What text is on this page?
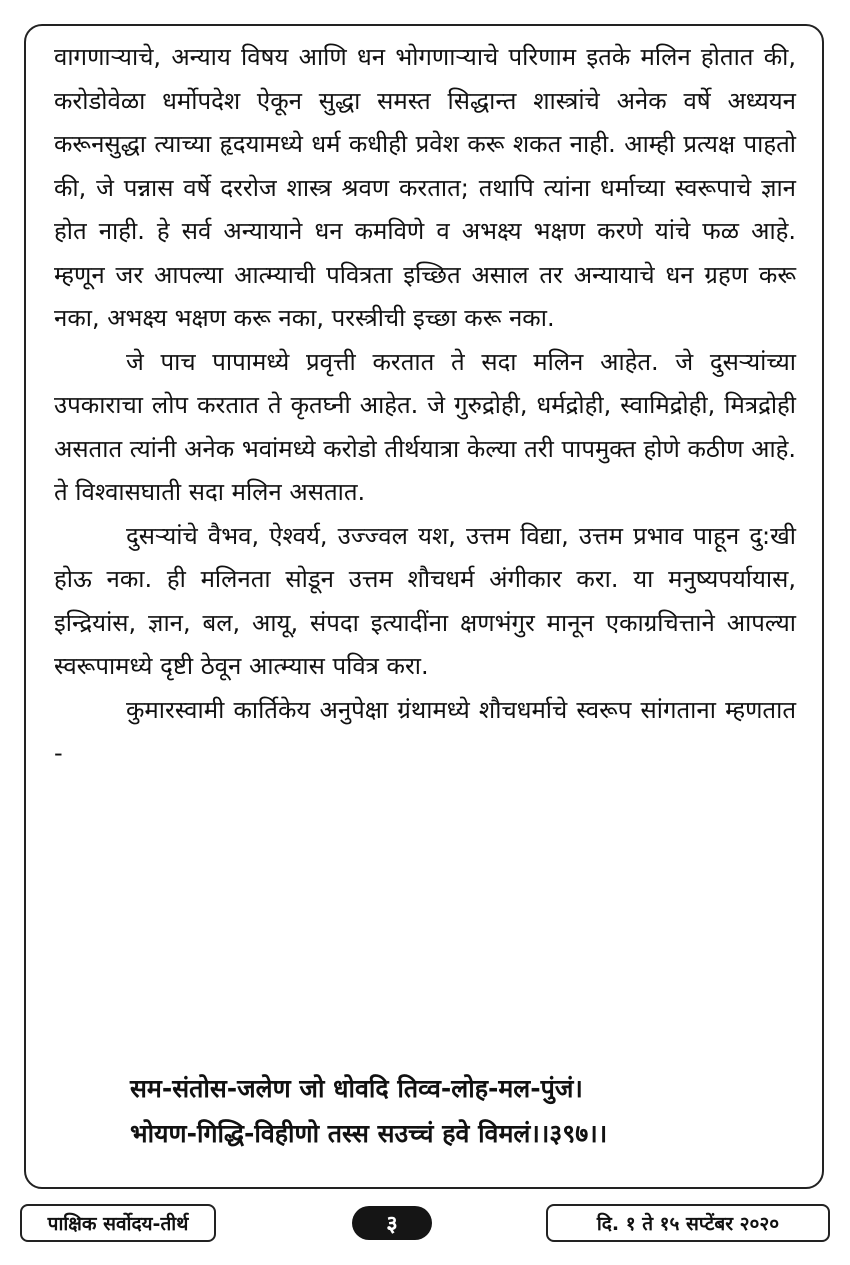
वागणाऱ्याचे, अन्याय विषय आणि धन भोगणाऱ्याचे परिणाम इतके मलिन होतात की, करोडोवेळा धर्मोपदेश ऐकून सुद्धा समस्त सिद्धान्त शास्त्रांचे अनेक वर्षे अध्ययन करूनसुद्धा त्याच्या हृदयामध्ये धर्म कधीही प्रवेश करू शकत नाही. आम्ही प्रत्यक्ष पाहतो की, जे पन्नास वर्षे दररोज शास्त्र श्रवण करतात; तथापि त्यांना धर्माच्या स्वरूपाचे ज्ञान होत नाही. हे सर्व अन्यायाने धन कमविणे व अभक्ष्य भक्षण करणे यांचे फळ आहे. म्हणून जर आपल्या आत्म्याची पवित्रता इच्छित असाल तर अन्यायाचे धन ग्रहण करू नका, अभक्ष्य भक्षण करू नका, परस्त्रीची इच्छा करू नका.

जे पाच पापामध्ये प्रवृत्ती करतात ते सदा मलिन आहेत. जे दुसऱ्यांच्या उपकाराचा लोप करतात ते कृतघ्नी आहेत. जे गुरुद्रोही, धर्मद्रोही, स्वामिद्रोही, मित्रद्रोही असतात त्यांनी अनेक भवांमध्ये करोडो तीर्थयात्रा केल्या तरी पापमुक्त होणे कठीण आहे. ते विश्वासघाती सदा मलिन असतात.

दुसऱ्यांचे वैभव, ऐश्वर्य, उज्ज्वल यश, उत्तम विद्या, उत्तम प्रभाव पाहून दु:खी होऊ नका. ही मलिनता सोडून उत्तम शौचधर्म अंगीकार करा. या मनुष्यपर्यायास, इन्द्रियांस, ज्ञान, बल, आयू, संपदा इत्यादींना क्षणभंगुर मानून एकाग्रचित्ताने आपल्या स्वरूपामध्ये दृष्टी ठेवून आत्म्यास पवित्र करा.

कुमारस्वामी कार्तिकेय अनुपेक्षा ग्रंथामध्ये शौचधर्माचे स्वरूप सांगताना म्हणतात -

सम-संतोस-जलेण जो धोवदि तिव्व-लोह-मल-पुंजं।
भोयण-गिद्धि-विहीणो तस्स सउच्चं हवे विमलं।।३९७।।
पाक्षिक सर्वोदय-तीर्थ	३	दि. १ ते १५ सप्टेंबर २०२०
